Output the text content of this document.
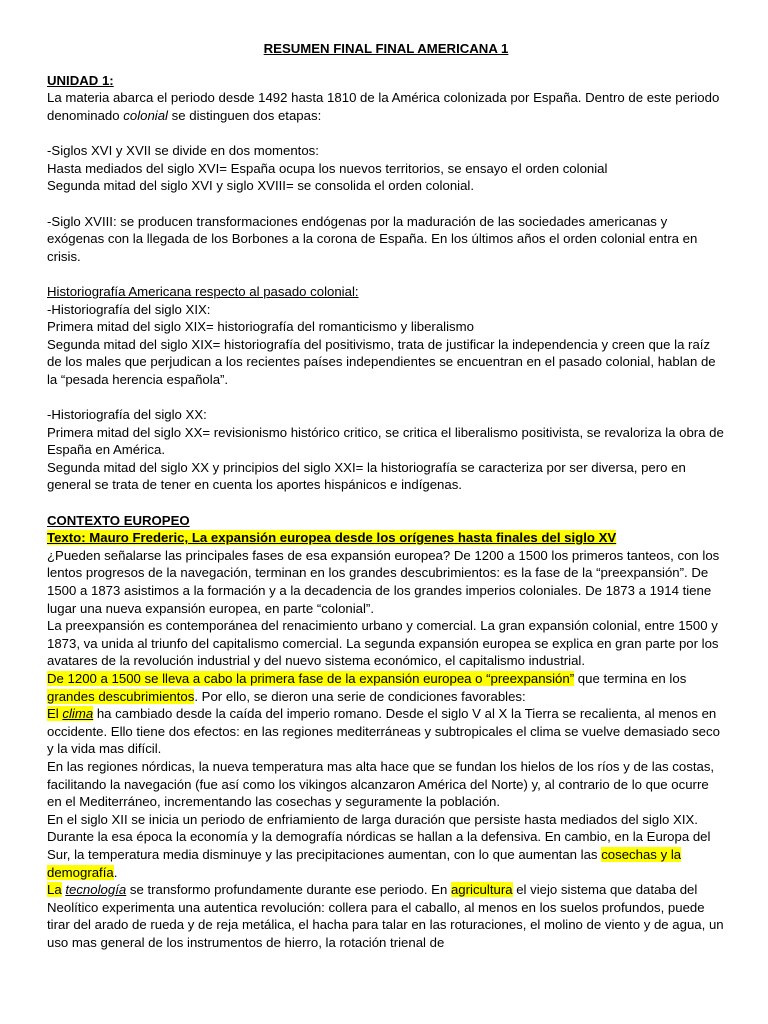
RESUMEN FINAL FINAL AMERICANA 1

UNIDAD 1:

La materia abarca el periodo desde 1492 hasta 1810 de la América colonizada por España. Dentro de este periodo denominado colonial se distinguen dos etapas:

-Siglos XVI y XVII se divide en dos momentos:

Hasta mediados del siglo XVI= España ocupa los nuevos territorios, se ensayo el orden colonial

Segunda mitad del siglo XVI y siglo XVIII= se consolida el orden colonial.

-Siglo XVIII: se producen transformaciones endógenas por la maduración de las sociedades americanas y exógenas con la llegada de los Borbones a la corona de España. En los últimos años el orden colonial entra en crisis.

Historiografía Americana respecto al pasado colonial:

-Historiografía del siglo XIX:

Primera mitad del siglo XIX= historiografía del romanticismo y liberalismo

Segunda mitad del siglo XIX= historiografía del positivismo, trata de justificar la independencia y creen que la raíz de los males que perjudican a los recientes países independientes se encuentran en el pasado colonial, hablan de la “pesada herencia española”.

-Historiografía del siglo XX:

Primera mitad del siglo XX= revisionismo histórico critico, se critica el liberalismo positivista, se revaloriza la obra de España en América.

Segunda mitad del siglo XX y principios del siglo XXI= la historiografía se caracteriza por ser diversa, pero en general se trata de tener en cuenta los aportes hispánicos e indígenas.

CONTEXTO EUROPEO

Texto: Mauro Frederic, La expansión europea desde los orígenes hasta finales del siglo XV

¿Pueden señalarse las principales fases de esa expansión europea? De 1200 a 1500 los primeros tanteos, con los lentos progresos de la navegación, terminan en los grandes descubrimientos: es la fase de la “preexpansión”. De 1500 a 1873 asistimos a la formación y a la decadencia de los grandes imperios coloniales. De 1873 a 1914 tiene lugar una nueva expansión europea, en parte “colonial”.

La preexpansión es contemporánea del renacimiento urbano y comercial. La gran expansión colonial, entre 1500 y 1873, va unida al triunfo del capitalismo comercial. La segunda expansión europea se explica en gran parte por los avatares de la revolución industrial y del nuevo sistema económico, el capitalismo industrial.

De 1200 a 1500 se lleva a cabo la primera fase de la expansión europea o “preexpansión” que termina en los grandes descubrimientos. Por ello, se dieron una serie de condiciones favorables:

El clima ha cambiado desde la caída del imperio romano. Desde el siglo V al X la Tierra se recalienta, al menos en occidente. Ello tiene dos efectos: en las regiones mediterráneas y subtropicales el clima se vuelve demasiado seco y la vida mas difícil.

En las regiones nórdicas, la nueva temperatura mas alta hace que se fundan los hielos de los ríos y de las costas, facilitando la navegación (fue así como los vikingos alcanzaron América del Norte) y, al contrario de lo que ocurre en el Mediterráneo, incrementando las cosechas y seguramente la población.

En el siglo XII se inicia un periodo de enfriamiento de larga duración que persiste hasta mediados del siglo XIX. Durante la esa época la economía y la demografía nórdicas se hallan a la defensiva. En cambio, en la Europa del Sur, la temperatura media disminuye y las precipitaciones aumentan, con lo que aumentan las cosechas y la demografía.

La tecnología se transformo profundamente durante ese periodo. En agricultura el viejo sistema que databa del Neolítico experimenta una autentica revolución: collera para el caballo, al menos en los suelos profundos, puede tirar del arado de rueda y de reja metálica, el hacha para talar en las roturaciones, el molino de viento y de agua, un uso mas general de los instrumentos de hierro, la rotación trienal de
